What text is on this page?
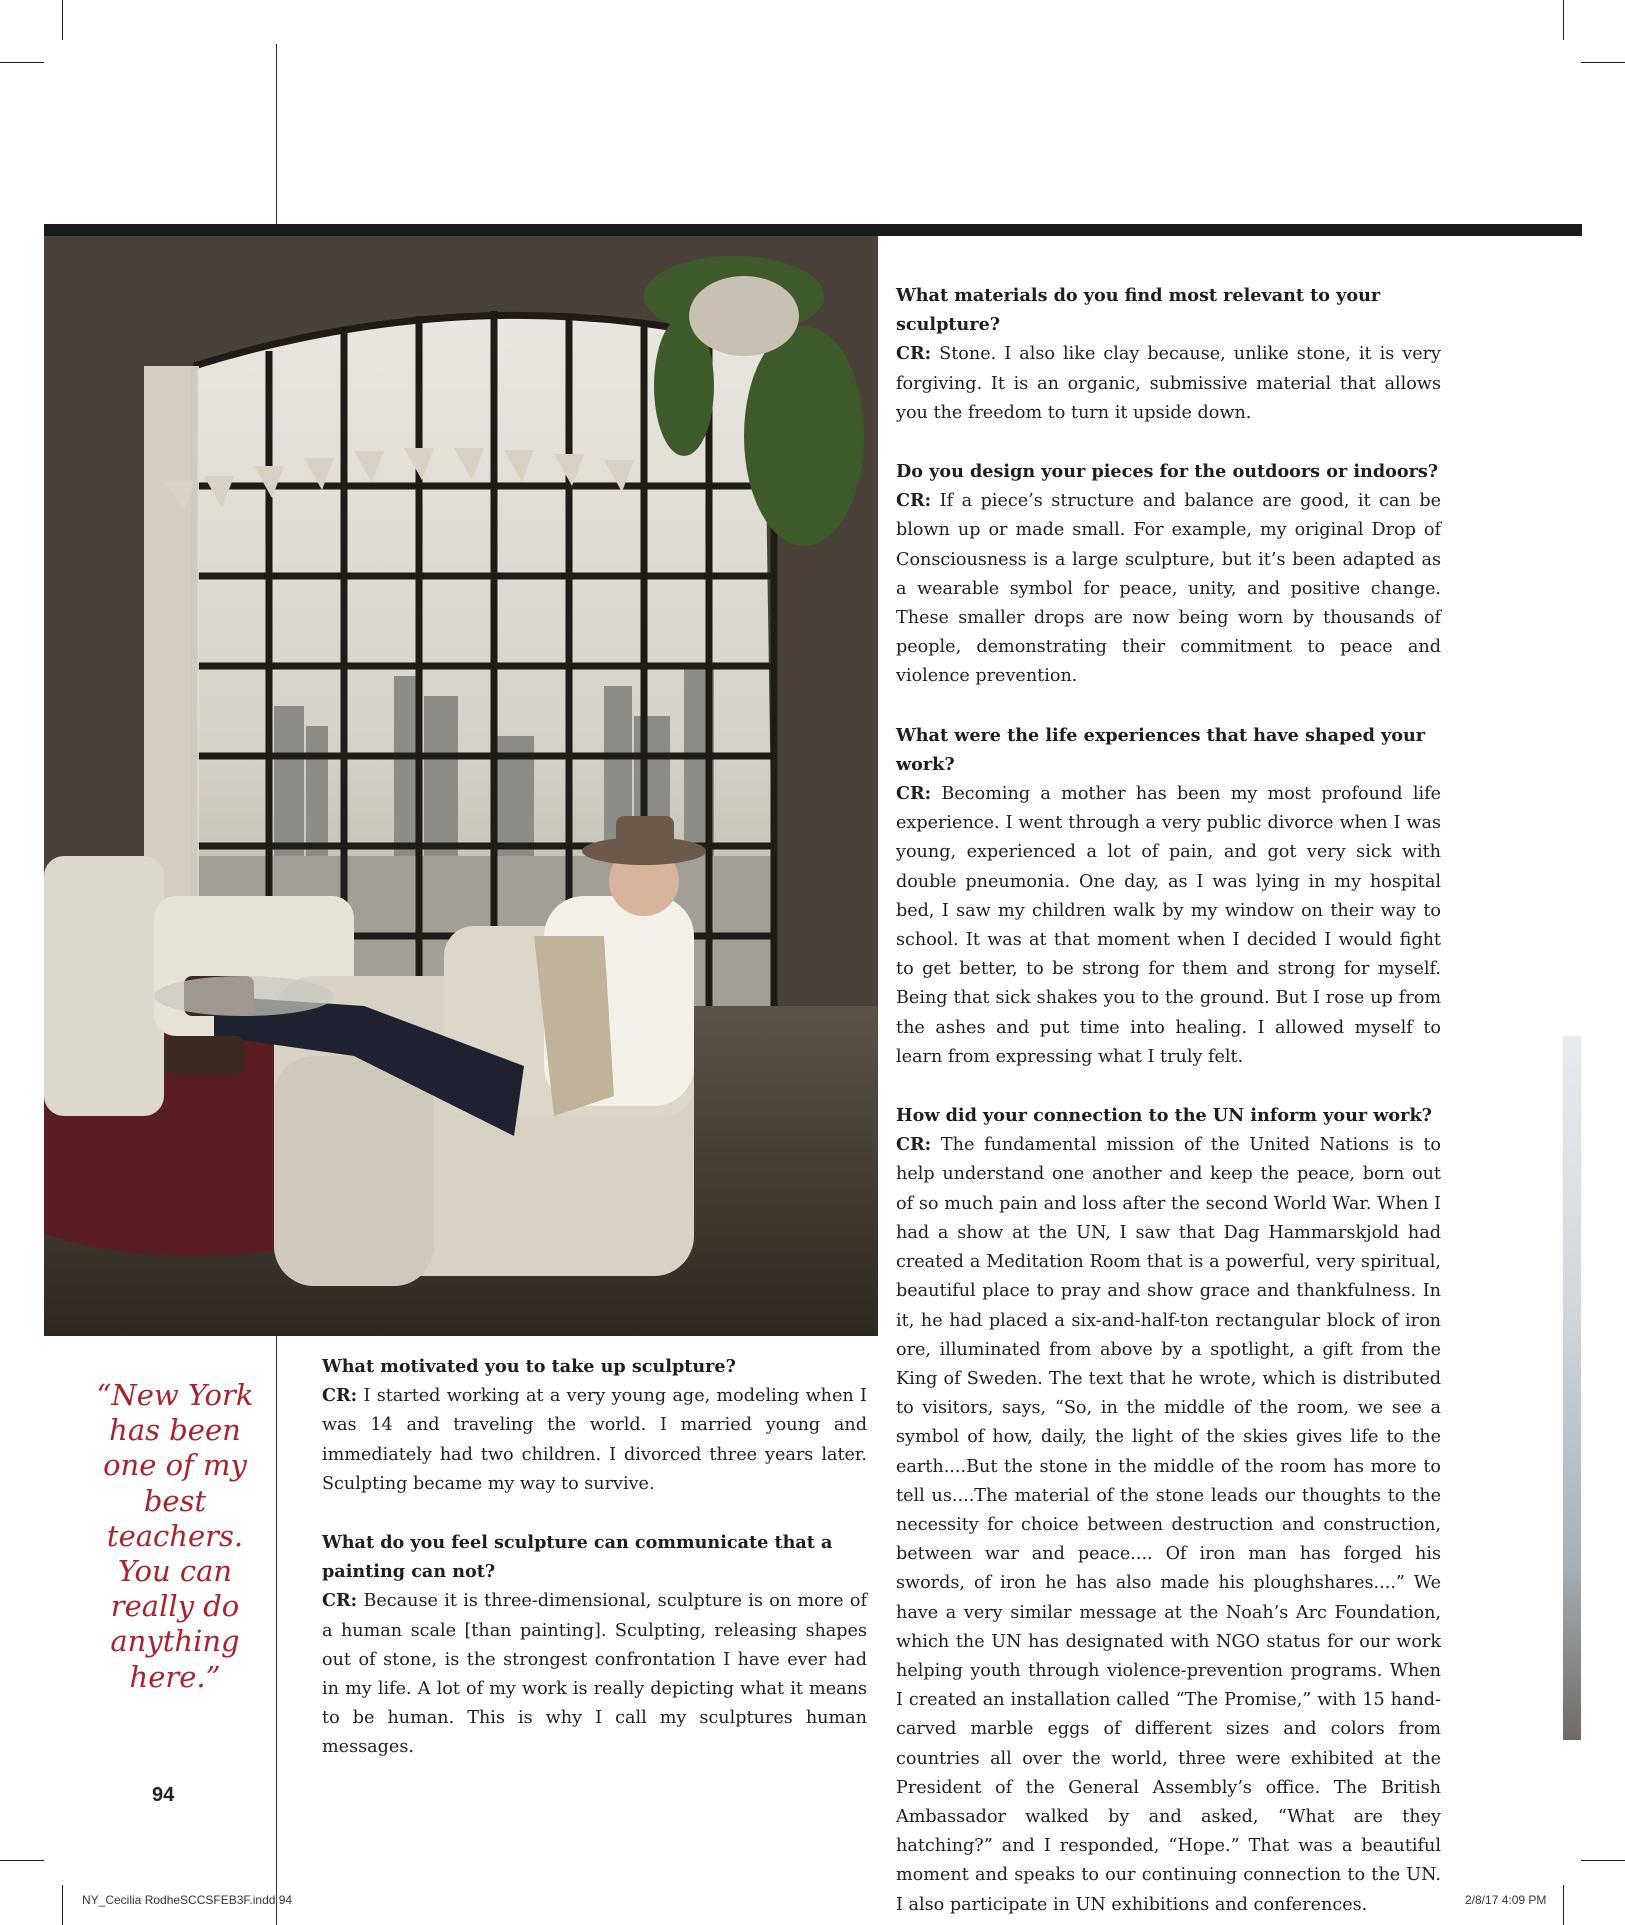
What materials do you find most relevant to your sculpture?

CR: Stone. I also like clay because, unlike stone, it is very forgiving. It is an organic, submissive material that allows you the freedom to turn it upside down.

Do you design your pieces for the outdoors or indoors?

CR: If a piece’s structure and balance are good, it can be blown up or made small. For example, my original Drop of Consciousness is a large sculpture, but it’s been adapted as a wearable symbol for peace, unity, and positive change. These smaller drops are now being worn by thousands of people, demonstrating their commitment to peace and violence prevention.

What were the life experiences that have shaped your work?

CR: Becoming a mother has been my most profound life experience. I went through a very public divorce when I was young, experienced a lot of pain, and got very sick with double pneumonia. One day, as I was lying in my hospital bed, I saw my children walk by my window on their way to school. It was at that moment when I decided I would fight to get better, to be strong for them and strong for myself. Being that sick shakes you to the ground. But I rose up from the ashes and put time into healing. I allowed myself to learn from expressing what I truly felt.

How did your connection to the UN inform your work?

CR: The fundamental mission of the United Nations is to help understand one another and keep the peace, born out of so much pain and loss after the second World War. When I had a show at the UN, I saw that Dag Hammarskjold had created a Meditation Room that is a powerful, very spiritual, beautiful place to pray and show grace and thankfulness. In it, he had placed a six-and-half-ton rectangular block of iron ore, illuminated from above by a spotlight, a gift from the King of Sweden. The text that he wrote, which is distributed to visitors, says, “So, in the middle of the room, we see a symbol of how, daily, the light of the skies gives life to the earth....But the stone in the middle of the room has more to tell us....The material of the stone leads our thoughts to the necessity for choice between destruction and construction, between war and peace.... Of iron man has forged his swords, of iron he has also made his ploughshares....” We have a very similar message at the Noah’s Arc Foundation, which the UN has designated with NGO status for our work helping youth through violence-prevention programs. When I created an installation called “The Promise,” with 15 hand-carved marble eggs of different sizes and colors from countries all over the world, three were exhibited at the President of the General Assembly’s office. The British Ambassador walked by and asked, “What are they hatching?” and I responded, “Hope.” That was a beautiful moment and speaks to our continuing connection to the UN. I also participate in UN exhibitions and conferences.

What motivated you to take up sculpture?

CR: I started working at a very young age, modeling when I was 14 and traveling the world. I married young and immediately had two children. I divorced three years later. Sculpting became my way to survive.

What do you feel sculpture can communicate that a painting can not?

CR: Because it is three-dimensional, sculpture is on more of a human scale [than painting]. Sculpting, releasing shapes out of stone, is the strongest confrontation I have ever had in my life. A lot of my work is really depicting what it means to be human. This is why I call my sculptures human messages.

“New York has been one of my best teachers. You can really do anything here.”
94
NY_Cecilia RodheSCCSFEB3F.indd 94	2/8/17 4:09 PM
